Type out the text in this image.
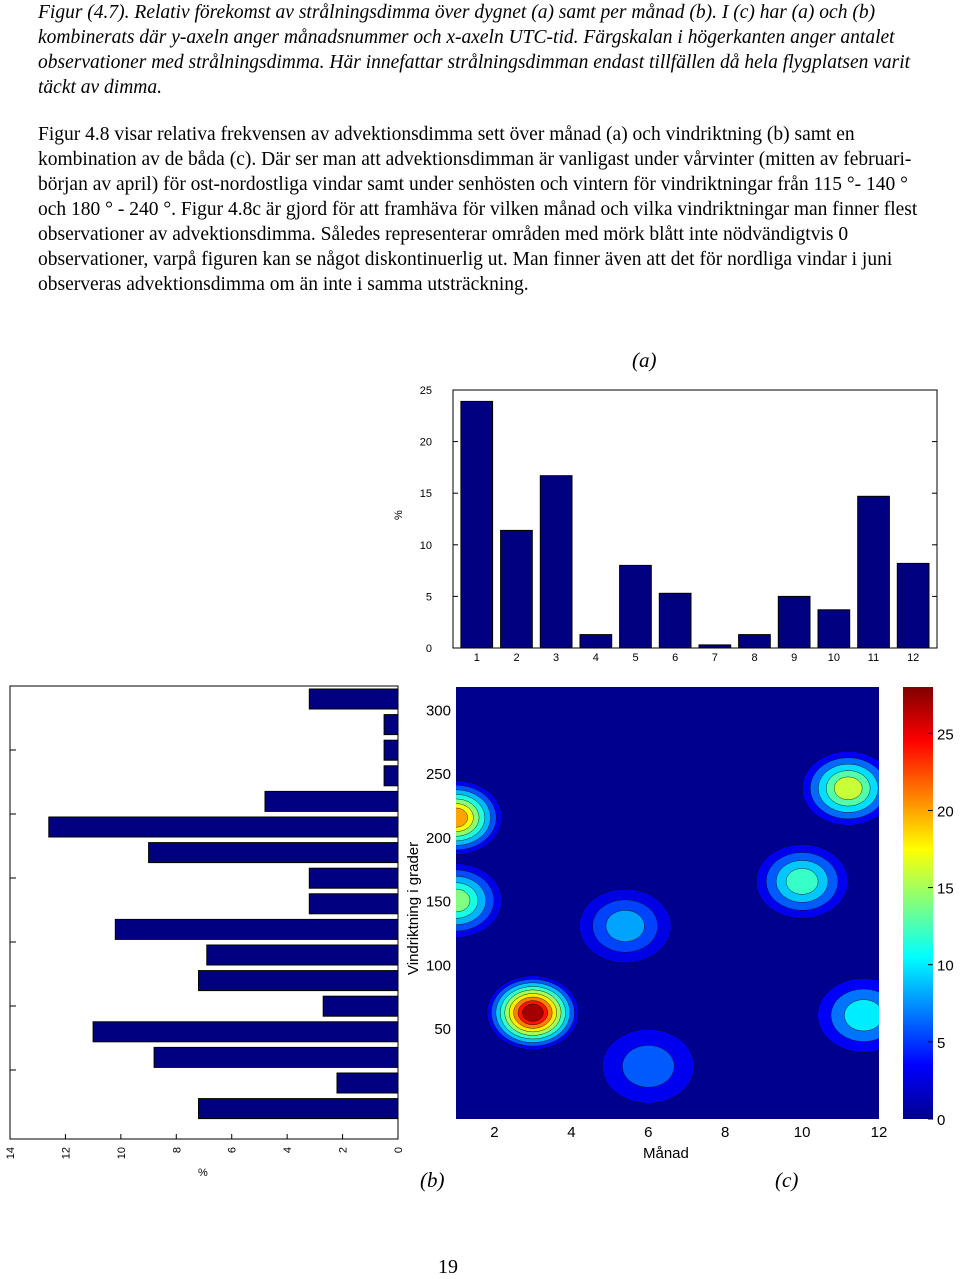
Figur (4.7). Relativ förekomst av strålningsdimma över dygnet (a) samt per månad (b). I (c) har (a) och (b) kombinerats där y-axeln anger månadsnummer och x-axeln UTC-tid. Färgskalan i högerkanten anger antalet observationer med strålningsdimma. Här innefattar strålningsdimman endast tillfällen då hela flygplatsen varit täckt av dimma.

Figur 4.8 visar relativa frekvensen av advektionsdimma sett över månad (a) och vindriktning (b) samt en kombination av de båda (c). Där ser man att advektionsdimman är vanligast under vårvinter (mitten av februari- början av april) för ost-nordostliga vindar samt under senhösten och vintern för vindriktningar från 115 °- 140 ° och 180 ° - 240 °. Figur 4.8c är gjord för att framhäva för vilken månad och vilka vindriktningar man finner flest observationer av advektionsdimma. Således representerar områden med mörk blått inte nödvändigtvis 0 observationer, varpå figuren kan se något diskontinuerlig ut. Man finner även att det för nordliga vindar i juni observeras advektionsdimma om än inte i samma utsträckning.

(a)
(b)	(c)
19
0
5
10
15
20
25
1	2	3	4	5	6	7	8	9	10	11	12
%
14	12	10	8	6	4	2	0
%
50
100
150
200
250
300
2	4	6	8	10	12
Vindriktning i grader
Månad
0
5
10
15
20
25
